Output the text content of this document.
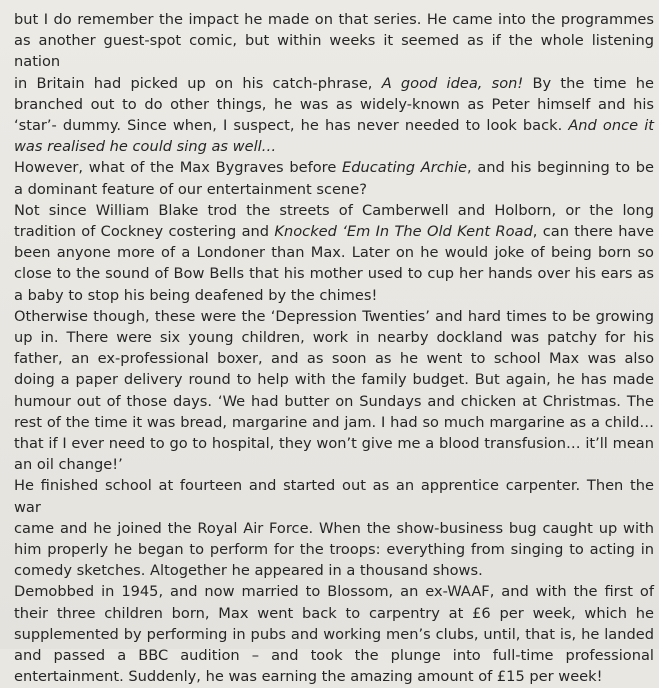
but I do remember the impact he made on that series. He came into the programmes
as another guest-spot comic, but within weeks it seemed as if the whole listening nation
in Britain had picked up on his catch-phrase, A good idea, son! By the time he
branched out to do other things, he was as widely-known as Peter himself and his
‘star’- dummy. Since when, I suspect, he has never needed to look back. And once it
was realised he could sing as well…

However, what of the Max Bygraves before Educating Archie, and his beginning to be
a dominant feature of our entertainment scene?

Not since William Blake trod the streets of Camberwell and Holborn, or the long
tradition of Cockney costering and Knocked ‘Em In The Old Kent Road, can there have
been anyone more of a Londoner than Max. Later on he would joke of being born so
close to the sound of Bow Bells that his mother used to cup her hands over his ears as
a baby to stop his being deafened by the chimes!

Otherwise though, these were the ‘Depression Twenties’ and hard times to be growing
up in. There were six young children, work in nearby dockland was patchy for his
father, an ex-professional boxer, and as soon as he went to school Max was also
doing a paper delivery round to help with the family budget. But again, he has made
humour out of those days. ‘We had butter on Sundays and chicken at Christmas. The
rest of the time it was bread, margarine and jam. I had so much margarine as a child…
that if I ever need to go to hospital, they won’t give me a blood transfusion… it’ll mean
an oil change!’

He finished school at fourteen and started out as an apprentice carpenter. Then the war
came and he joined the Royal Air Force. When the show-business bug caught up with
him properly he began to perform for the troops: everything from singing to acting in
comedy sketches. Altogether he appeared in a thousand shows.

Demobbed in 1945, and now married to Blossom, an ex-WAAF, and with the first of
their three children born, Max went back to carpentry at £6 per week, which he
supplemented by performing in pubs and working men’s clubs, until, that is, he landed
and passed a BBC audition – and took the plunge into full-time professional
entertainment. Suddenly, he was earning the amazing amount of £15 per week!
